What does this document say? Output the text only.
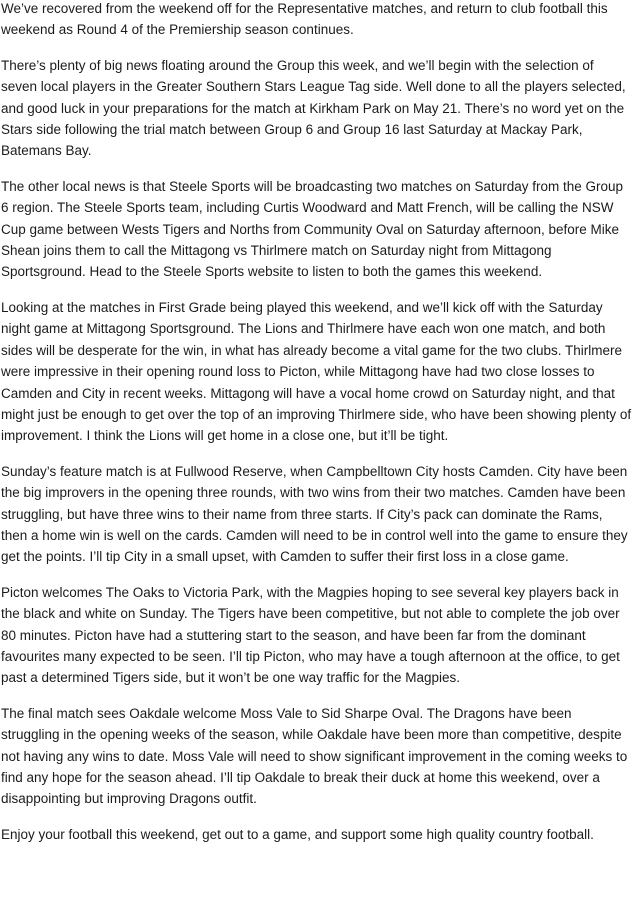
We’ve recovered from the weekend off for the Representative matches, and return to club football this weekend as Round 4 of the Premiership season continues.

There’s plenty of big news floating around the Group this week, and we’ll begin with the selection of seven local players in the Greater Southern Stars League Tag side. Well done to all the players selected, and good luck in your preparations for the match at Kirkham Park on May 21. There’s no word yet on the Stars side following the trial match between Group 6 and Group 16 last Saturday at Mackay Park, Batemans Bay.

The other local news is that Steele Sports will be broadcasting two matches on Saturday from the Group 6 region. The Steele Sports team, including Curtis Woodward and Matt French, will be calling the NSW Cup game between Wests Tigers and Norths from Community Oval on Saturday afternoon, before Mike Shean joins them to call the Mittagong vs Thirlmere match on Saturday night from Mittagong Sportsground. Head to the Steele Sports website to listen to both the games this weekend.

Looking at the matches in First Grade being played this weekend, and we’ll kick off with the Saturday night game at Mittagong Sportsground. The Lions and Thirlmere have each won one match, and both sides will be desperate for the win, in what has already become a vital game for the two clubs. Thirlmere were impressive in their opening round loss to Picton, while Mittagong have had two close losses to Camden and City in recent weeks. Mittagong will have a vocal home crowd on Saturday night, and that might just be enough to get over the top of an improving Thirlmere side, who have been showing plenty of improvement. I think the Lions will get home in a close one, but it’ll be tight.

Sunday’s feature match is at Fullwood Reserve, when Campbelltown City hosts Camden. City have been the big improvers in the opening three rounds, with two wins from their two matches. Camden have been struggling, but have three wins to their name from three starts. If City’s pack can dominate the Rams, then a home win is well on the cards. Camden will need to be in control well into the game to ensure they get the points. I’ll tip City in a small upset, with Camden to suffer their first loss in a close game.

Picton welcomes The Oaks to Victoria Park, with the Magpies hoping to see several key players back in the black and white on Sunday. The Tigers have been competitive, but not able to complete the job over 80 minutes. Picton have had a stuttering start to the season, and have been far from the dominant favourites many expected to be seen. I’ll tip Picton, who may have a tough afternoon at the office, to get past a determined Tigers side, but it won’t be one way traffic for the Magpies.

The final match sees Oakdale welcome Moss Vale to Sid Sharpe Oval. The Dragons have been struggling in the opening weeks of the season, while Oakdale have been more than competitive, despite not having any wins to date. Moss Vale will need to show significant improvement in the coming weeks to find any hope for the season ahead. I’ll tip Oakdale to break their duck at home this weekend, over a disappointing but improving Dragons outfit.

Enjoy your football this weekend, get out to a game, and support some high quality country football.
